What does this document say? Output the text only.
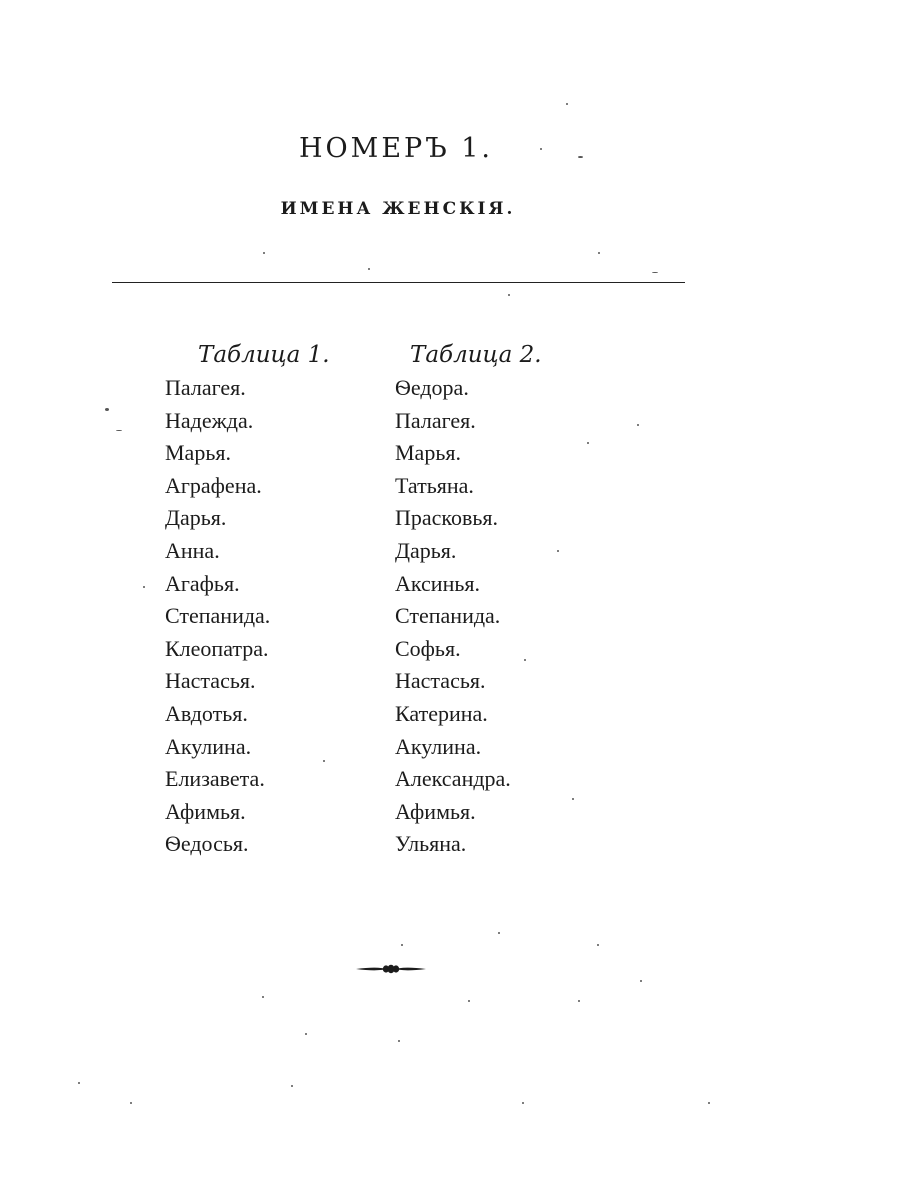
НОМЕРЪ 1.
ИМЕНА ЖЕНСКІЯ.
Таблица 1.
Палагея.
Надежда.
Марья.
Аграфена.
Дарья.
Анна.
Агафья.
Степанида.
Клеопатра.
Настасья.
Авдотья.
Акулина.
Елизавета.
Афимья.
Ѳедосья.
Таблица 2.
Ѳедора.
Палагея.
Марья.
Татьяна.
Прасковья.
Дарья.
Аксинья.
Степанида.
Софья.
Настасья.
Катерина.
Акулина.
Александра.
Афимья.
Ульяна.
